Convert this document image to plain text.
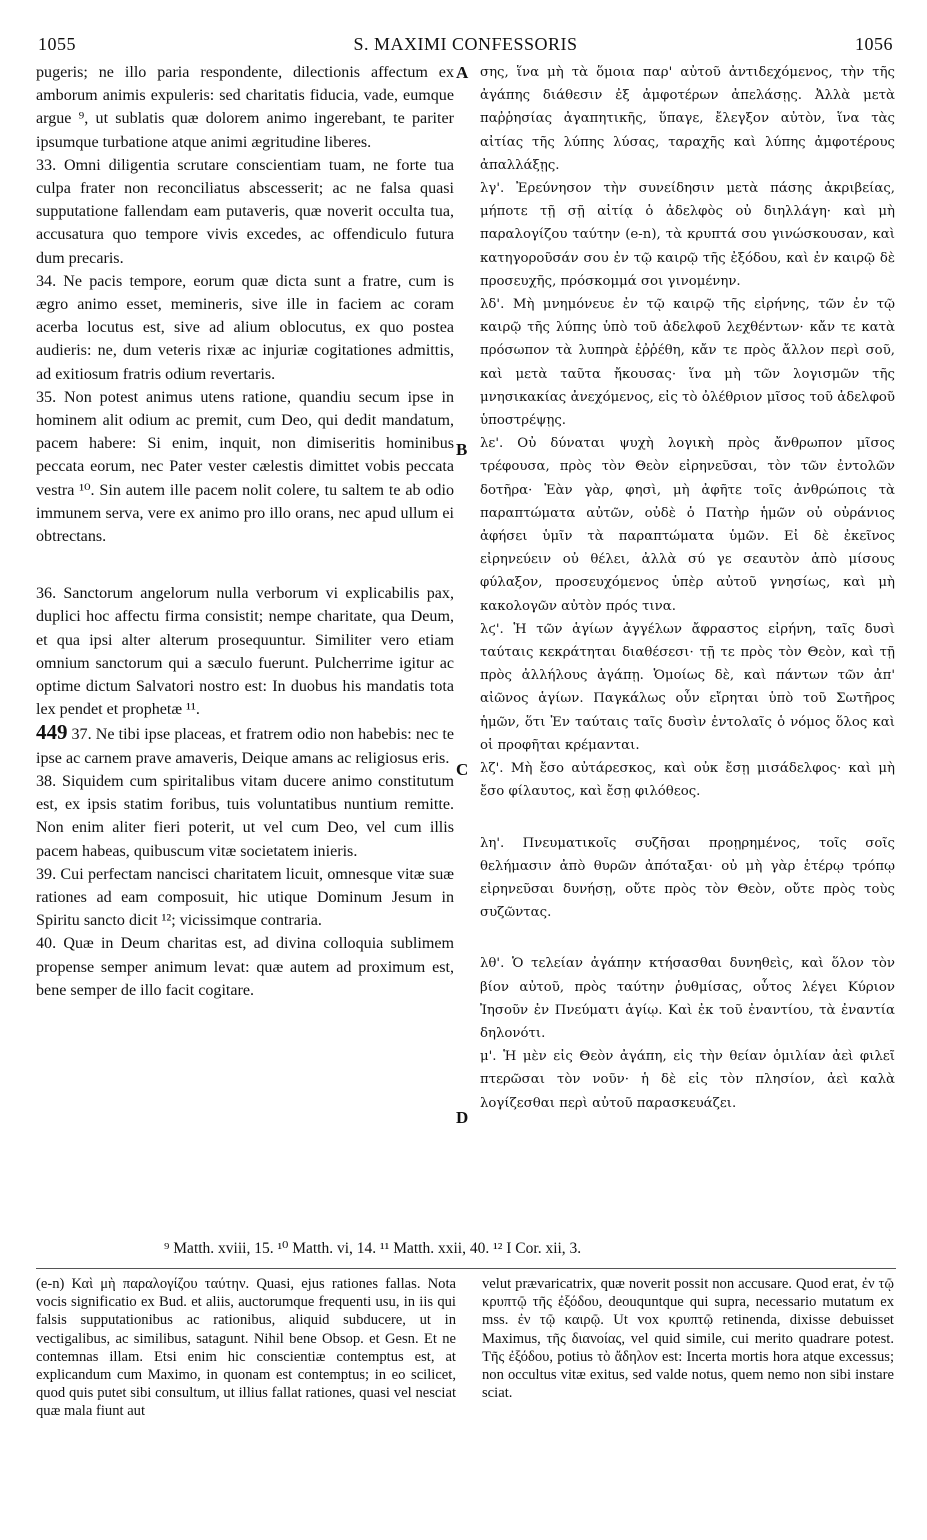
1055	S. MAXIMI CONFESSORIS	1056

pugeris; ne illo paria respondente, dilectionis affectum ex amborum animis expuleris: sed charitatis fiducia, vade, eumque argue ⁹, ut sublatis quæ dolorem animo ingerebant, te pariter ipsumque turbatione atque animi ægritudine liberes.

33. Omni diligentia scrutare conscientiam tuam, ne forte tua culpa frater non reconciliatus abscesserit; ac ne falsa quasi supputatione fallendam eam putaveris, quæ noverit occulta tua, accusatura quo tempore vivis excedes, ac offendiculo futura dum precaris.

34. Ne pacis tempore, eorum quæ dicta sunt a fratre, cum is ægro animo esset, memineris, sive ille in faciem ac coram acerba locutus est, sive ad alium oblocutus, ex quo postea audieris: ne, dum veteris rixæ ac injuriæ cogitationes admittis, ad exitiosum fratris odium revertaris.

35. Non potest animus utens ratione, quandiu secum ipse in hominem alit odium ac premit, cum Deo, qui dedit mandatum, pacem habere: Si enim, inquit, non dimiseritis hominibus peccata eorum, nec Pater vester cælestis dimittet vobis peccata vestra ¹⁰. Sin autem ille pacem nolit colere, tu saltem te ab odio immunem serva, vere ex animo pro illo orans, nec apud ullum ei obtrectans.

36. Sanctorum angelorum nulla verborum vi explicabilis pax, duplici hoc affectu firma consistit; nempe charitate, qua Deum, et qua ipsi alter alterum prosequuntur. Similiter vero etiam omnium sanctorum qui a sæculo fuerunt. Pulcherrime igitur ac optime dictum Salvatori nostro est: In duobus his mandatis tota lex pendet et prophetæ ¹¹.

449 37. Ne tibi ipse placeas, et fratrem odio non habebis: nec te ipse ac carnem prave amaveris, Deique amans ac religiosus eris.

38. Siquidem cum spiritalibus vitam ducere animo constitutum est, ex ipsis statim foribus, tuis voluntatibus nuntium remitte. Non enim aliter fieri poterit, ut vel cum Deo, vel cum illis pacem habeas, quibuscum vitæ societatem inieris.

39. Cui perfectam nancisci charitatem licuit, omnesque vitæ suæ rationes ad eam composuit, hic utique Dominum Jesum in Spiritu sancto dicit ¹²; vicissimque contraria.

40. Quæ in Deum charitas est, ad divina colloquia sublimem propense semper animum levat: quæ autem ad proximum est, bene semper de illo facit cogitare.

A
B
C
D

σης, ἵνα μὴ τὰ ὅμοια παρ' αὐτοῦ ἀντιδεχόμενος, τὴν τῆς ἀγάπης διάθεσιν ἐξ ἀμφοτέρων ἀπελάσῃς. Ἀλλὰ μετὰ παῤῥησίας ἀγαπητικῆς, ὕπαγε, ἔλεγξον αὐτὸν, ἵνα τὰς αἰτίας τῆς λύπης λύσας, ταραχῆς καὶ λύπης ἀμφοτέρους ἀπαλλάξῃς.

λγ'. Ἐρεύνησον τὴν συνείδησιν μετὰ πάσης ἀκριβείας, μήποτε τῇ σῇ αἰτίᾳ ὁ ἀδελφὸς οὐ διηλλάγη· καὶ μὴ παραλογίζου ταύτην (e-n), τὰ κρυπτά σου γινώσκουσαν, καὶ κατηγοροῦσάν σου ἐν τῷ καιρῷ τῆς ἐξόδου, καὶ ἐν καιρῷ δὲ προσευχῆς, πρόσκομμά σοι γινομένην.

λδ'. Μὴ μνημόνευε ἐν τῷ καιρῷ τῆς εἰρήνης, τῶν ἐν τῷ καιρῷ τῆς λύπης ὑπὸ τοῦ ἀδελφοῦ λεχθέντων· κἄν τε κατὰ πρόσωπον τὰ λυπηρὰ ἐῤῥέθη, κἄν τε πρὸς ἄλλον περὶ σοῦ, καὶ μετὰ ταῦτα ἤκουσας· ἵνα μὴ τῶν λογισμῶν τῆς μνησικακίας ἀνεχόμενος, εἰς τὸ ὀλέθριον μῖσος τοῦ ἀδελφοῦ ὑποστρέψῃς.

λε'. Οὐ δύναται ψυχὴ λογικὴ πρὸς ἄνθρωπον μῖσος τρέφουσα, πρὸς τὸν Θεὸν εἰρηνεῦσαι, τὸν τῶν ἐντολῶν δοτῆρα· Ἐὰν γὰρ, φησὶ, μὴ ἀφῆτε τοῖς ἀνθρώποις τὰ παραπτώματα αὐτῶν, οὐδὲ ὁ Πατὴρ ἡμῶν οὐ οὐράνιος ἀφήσει ὑμῖν τὰ παραπτώματα ὑμῶν. Εἰ δὲ ἐκεῖνος εἰρηνεύειν οὐ θέλει, ἀλλὰ σύ γε σεαυτὸν ἀπὸ μίσους φύλαξον, προσευχόμενος ὑπὲρ αὐτοῦ γνησίως, καὶ μὴ κακολογῶν αὐτὸν πρός τινα.

λϛ'. Ἡ τῶν ἁγίων ἀγγέλων ἄφραστος εἰρήνη, ταῖς δυσὶ ταύταις κεκράτηται διαθέσεσι· τῇ τε πρὸς τὸν Θεὸν, καὶ τῇ πρὸς ἀλλήλους ἀγάπῃ. Ὁμοίως δὲ, καὶ πάντων τῶν ἀπ' αἰῶνος ἁγίων. Παγκάλως οὖν εἴρηται ὑπὸ τοῦ Σωτῆρος ἡμῶν, ὅτι Ἐν ταύταις ταῖς δυσὶν ἐντολαῖς ὁ νόμος ὅλος καὶ οἱ προφῆται κρέμανται.

λζ'. Μὴ ἔσο αὐτάρεσκος, καὶ οὐκ ἔσῃ μισάδελφος· καὶ μὴ ἔσο φίλαυτος, καὶ ἔσῃ φιλόθεος.

λη'. Πνευματικοῖς συζῆσαι προῃρημένος, τοῖς σοῖς θελήμασιν ἀπὸ θυρῶν ἀπόταξαι· οὐ μὴ γὰρ ἑτέρῳ τρόπῳ εἰρηνεῦσαι δυνήσῃ, οὔτε πρὸς τὸν Θεὸν, οὔτε πρὸς τοὺς συζῶντας.

λθ'. Ὁ τελείαν ἀγάπην κτήσασθαι δυνηθεὶς, καὶ ὅλον τὸν βίον αὐτοῦ, πρὸς ταύτην ῥυθμίσας, οὗτος λέγει Κύριον Ἰησοῦν ἐν Πνεύματι ἁγίῳ. Καὶ ἐκ τοῦ ἐναντίου, τὰ ἐναντία δηλονότι.

μ'. Ἡ μὲν εἰς Θεὸν ἀγάπη, εἰς τὴν θείαν ὁμιλίαν ἀεὶ φιλεῖ πτερῶσαι τὸν νοῦν· ἡ δὲ εἰς τὸν πλησίον, ἀεὶ καλὰ λογίζεσθαι περὶ αὐτοῦ παρασκευάζει.

⁹ Matth. xviii, 15. ¹⁰ Matth. vi, 14. ¹¹ Matth. xxii, 40. ¹² I Cor. xii, 3.

(e-n) Καὶ μὴ παραλογίζου ταύτην. Quasi, ejus rationes fallas. Nota vocis significatio ex Bud. et aliis, auctorumque frequenti usu, in iis qui falsis supputationibus ac rationibus, aliquid subducere, ut in vectigalibus, ac similibus, satagunt. Nihil bene Obsop. et Gesn. Et ne contemnas illam. Etsi enim hic conscientiæ contemptus est, at explicandum cum Maximo, in quonam est contemptus; in eo scilicet, quod quis putet sibi consultum, ut illius fallat rationes, quasi vel nesciat quæ mala fiunt aut

velut prævaricatrix, quæ noverit possit non accusare. Quod erat, ἐν τῷ κρυπτῷ τῆς ἐξόδου, deouquntque qui supra, necessario mutatum ex mss. ἐν τῷ καιρῷ. Ut vox κρυπτῷ retinenda, dixisse debuisset Maximus, τῆς διανοίας, vel quid simile, cui merito quadrare potest. Τῆς ἐξόδου, potius τὸ ἄδηλον est: Incerta mortis hora atque excessus; non occultus vitæ exitus, sed valde notus, quem nemo non sibi instare sciat.
